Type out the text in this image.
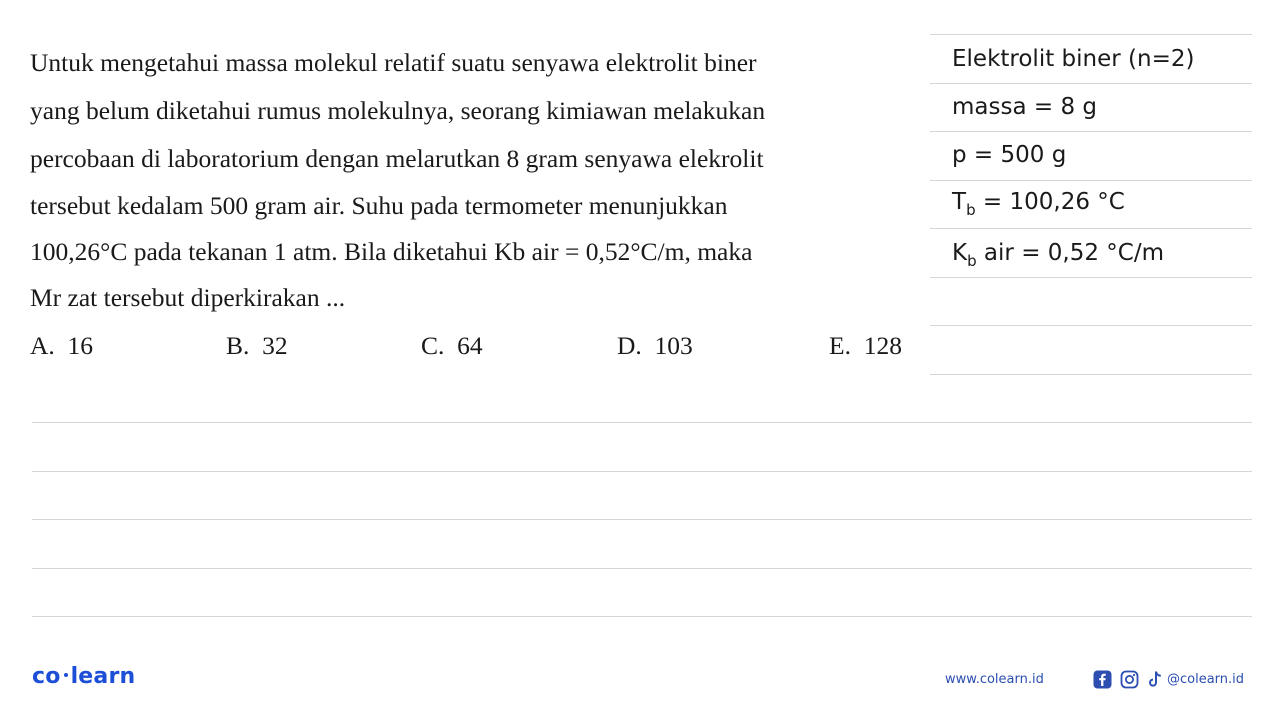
Untuk mengetahui massa molekul relatif suatu senyawa elektrolit biner
yang belum diketahui rumus molekulnya, seorang kimiawan melakukan
percobaan di laboratorium dengan melarutkan 8 gram senyawa elekrolit
tersebut kedalam 500 gram air. Suhu pada termometer menunjukkan
100,26°C pada tekanan 1 atm. Bila diketahui Kb air = 0,52°C/m, maka
Mr zat tersebut diperkirakan ...
A. 16	B. 32	C. 64	D. 103	E. 128
Elektrolit biner (n=2)
massa = 8 g
p = 500 g
$T_b = 100,26$ °C
$K_b$ air = 0,52 °C/m
co learn	www.colearn.id	@colearn.id
